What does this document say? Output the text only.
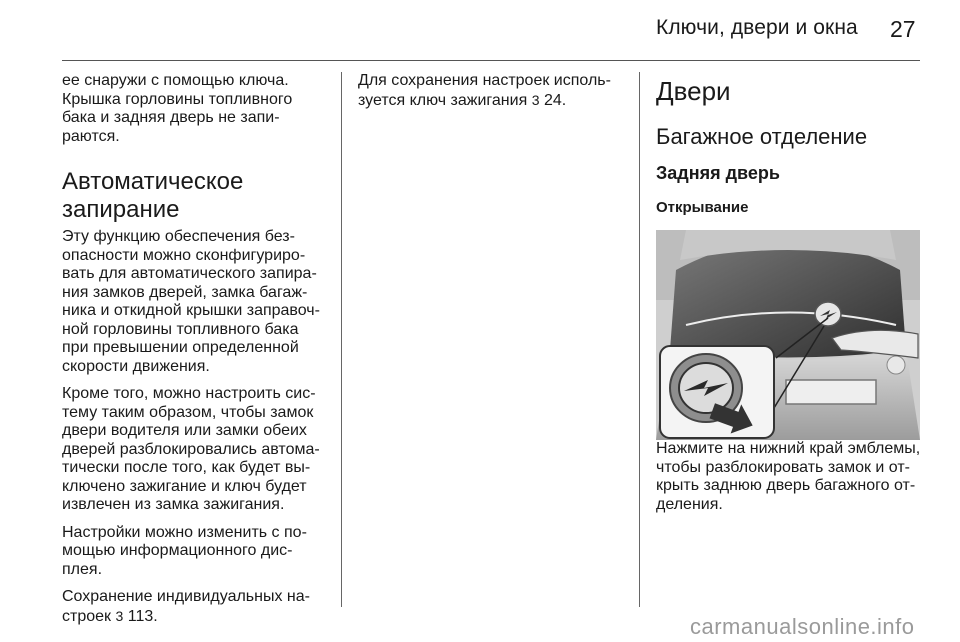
Ключи, двери и окна 27

ее снаружи с помощью ключа.
Крышка горловины топливного
бака и задняя дверь не запи-
раются.

Автоматическое
запирание

Эту функцию обеспечения без-
опасности можно сконфигуриро-
вать для автоматического запира-
ния замков дверей, замка багаж-
ника и откидной крышки заправоч-
ной горловины топливного бака
при превышении определенной
скорости движения.

Кроме того, можно настроить сис-
тему таким образом, чтобы замок
двери водителя или замки обеих
дверей разблокировались автома-
тически после того, как будет вы-
ключено зажигание и ключ будет
извлечен из замка зажигания.

Настройки можно изменить с по-
мощью информационного дис-
плея.

Сохранение индивидуальных на-
строек 3 113.

Для сохранения настроек исполь-
зуется ключ зажигания 3 24.	Двери
Багажное отделение
Задняя дверь
Открывание

Нажмите на нижний край эмблемы,
чтобы разблокировать замок и от-
крыть заднюю дверь багажного от-
деления.

carmanualsonline.info
